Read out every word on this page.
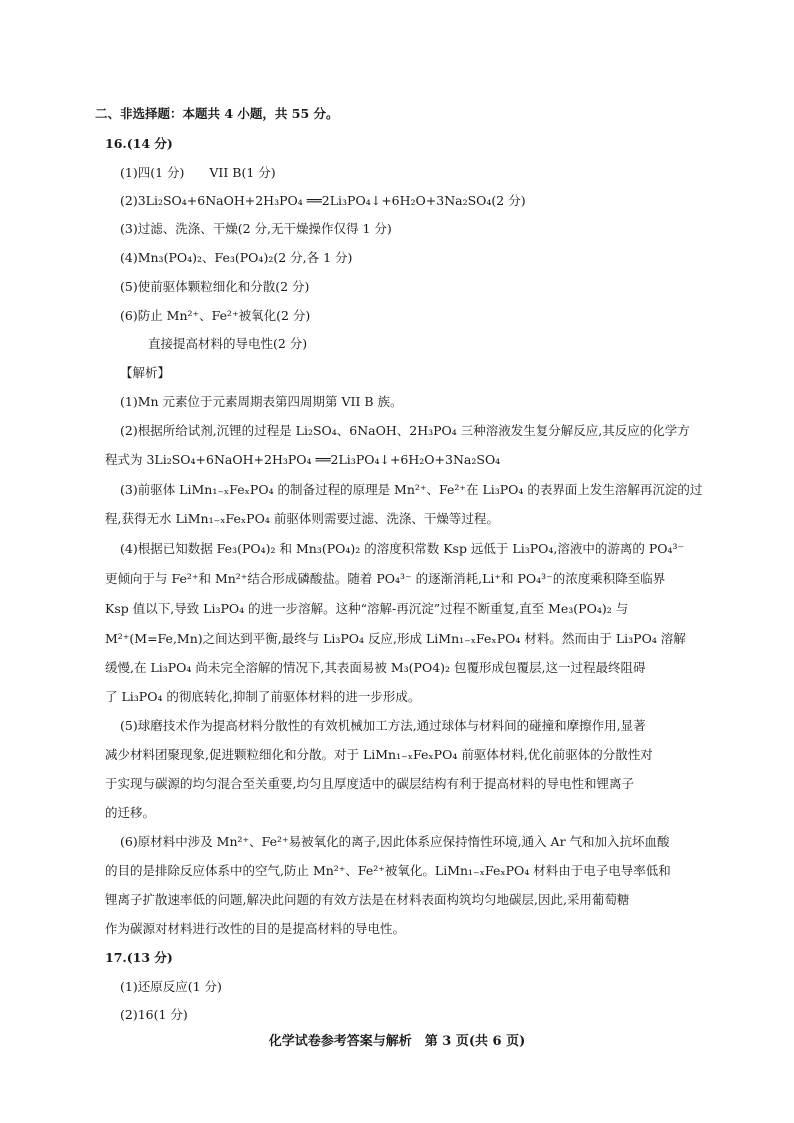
二、非选择题：本题共 4 小题，共 55 分。
16.(14 分)
(1)四(1 分)　　VII B(1 分)
(2)3Li₂SO₄+6NaOH+2H₃PO₄ ══2Li₃PO₄↓+6H₂O+3Na₂SO₄(2 分)
(3)过滤、洗涤、干燥(2 分,无干燥操作仅得 1 分)
(4)Mn₃(PO₄)₂、Fe₃(PO₄)₂(2 分,各 1 分)
(5)使前驱体颗粒细化和分散(2 分)
(6)防止 Mn²⁺、Fe²⁺被氧化(2 分)
直接提高材料的导电性(2 分)
【解析】
(1)Mn 元素位于元素周期表第四周期第 VII B 族。
(2)根据所给试剂,沉锂的过程是 Li₂SO₄、6NaOH、2H₃PO₄ 三种溶液发生复分解反应,其反应的化学方
程式为 3Li₂SO₄+6NaOH+2H₃PO₄ ══2Li₃PO₄↓+6H₂O+3Na₂SO₄
(3)前驱体 LiMn₁₋ₓFeₓPO₄ 的制备过程的原理是 Mn²⁺、Fe²⁺在 Li₃PO₄ 的表界面上发生溶解再沉淀的过
程,获得无水 LiMn₁₋ₓFeₓPO₄ 前驱体则需要过滤、洗涤、干燥等过程。
(4)根据已知数据 Fe₃(PO₄)₂ 和 Mn₃(PO₄)₂ 的溶度积常数 Ksp 远低于 Li₃PO₄,溶液中的游离的 PO₄³⁻
更倾向于与 Fe²⁺和 Mn²⁺结合形成磷酸盐。随着 PO₄³⁻ 的逐渐消耗,Li⁺和 PO₄³⁻的浓度乘积降至临界
Ksp 值以下,导致 Li₃PO₄ 的进一步溶解。这种“溶解-再沉淀”过程不断重复,直至 Me₃(PO₄)₂ 与
M²⁺(M=Fe,Mn)之间达到平衡,最终与 Li₃PO₄ 反应,形成 LiMn₁₋ₓFeₓPO₄ 材料。然而由于 Li₃PO₄ 溶解
缓慢,在 Li₃PO₄ 尚未完全溶解的情况下,其表面易被 M₃(PO4)₂ 包覆形成包覆层,这一过程最终阻碍
了 Li₃PO₄ 的彻底转化,抑制了前驱体材料的进一步形成。
(5)球磨技术作为提高材料分散性的有效机械加工方法,通过球体与材料间的碰撞和摩擦作用,显著
减少材料团聚现象,促进颗粒细化和分散。对于 LiMn₁₋ₓFeₓPO₄ 前驱体材料,优化前驱体的分散性对
于实现与碳源的均匀混合至关重要,均匀且厚度适中的碳层结构有利于提高材料的导电性和锂离子
的迁移。
(6)原材料中涉及 Mn²⁺、Fe²⁺易被氧化的离子,因此体系应保持惰性环境,通入 Ar 气和加入抗坏血酸
的目的是排除反应体系中的空气,防止 Mn²⁺、Fe²⁺被氧化。LiMn₁₋ₓFeₓPO₄ 材料由于电子电导率低和
锂离子扩散速率低的问题,解决此问题的有效方法是在材料表面构筑均匀地碳层,因此,采用葡萄糖
作为碳源对材料进行改性的目的是提高材料的导电性。
17.(13 分)
(1)还原反应(1 分)
(2)16(1 分)
化学试卷参考答案与解析　第 3 页(共 6 页)
